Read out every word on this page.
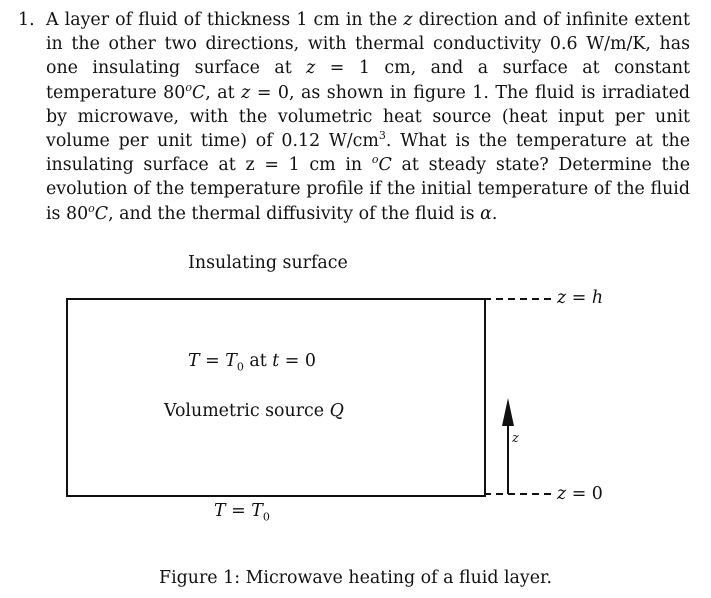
1. A layer of fluid of thickness 1 cm in the z direction and of infinite extent in the other two directions, with thermal conductivity 0.6 W/m/K, has one insulating surface at z = 1 cm, and a surface at constant temperature 80$^o$C, at z = 0, as shown in figure 1. The fluid is irradiated by microwave, with the volumetric heat source (heat input per unit volume per unit time) of 0.12 $W/cm^3$. What is the temperature at the insulating surface at z = 1 cm in $^o$C at steady state? Determine the evolution of the temperature profile if the initial temperature of the fluid is 80$^o$C, and the thermal diffusivity of the fluid is α.
Insulating surface
$T = T_0$ at t = 0
Volumetric source Q
$T = T_0$
z = h
z = 0
z
Figure 1: Microwave heating of a fluid layer.
